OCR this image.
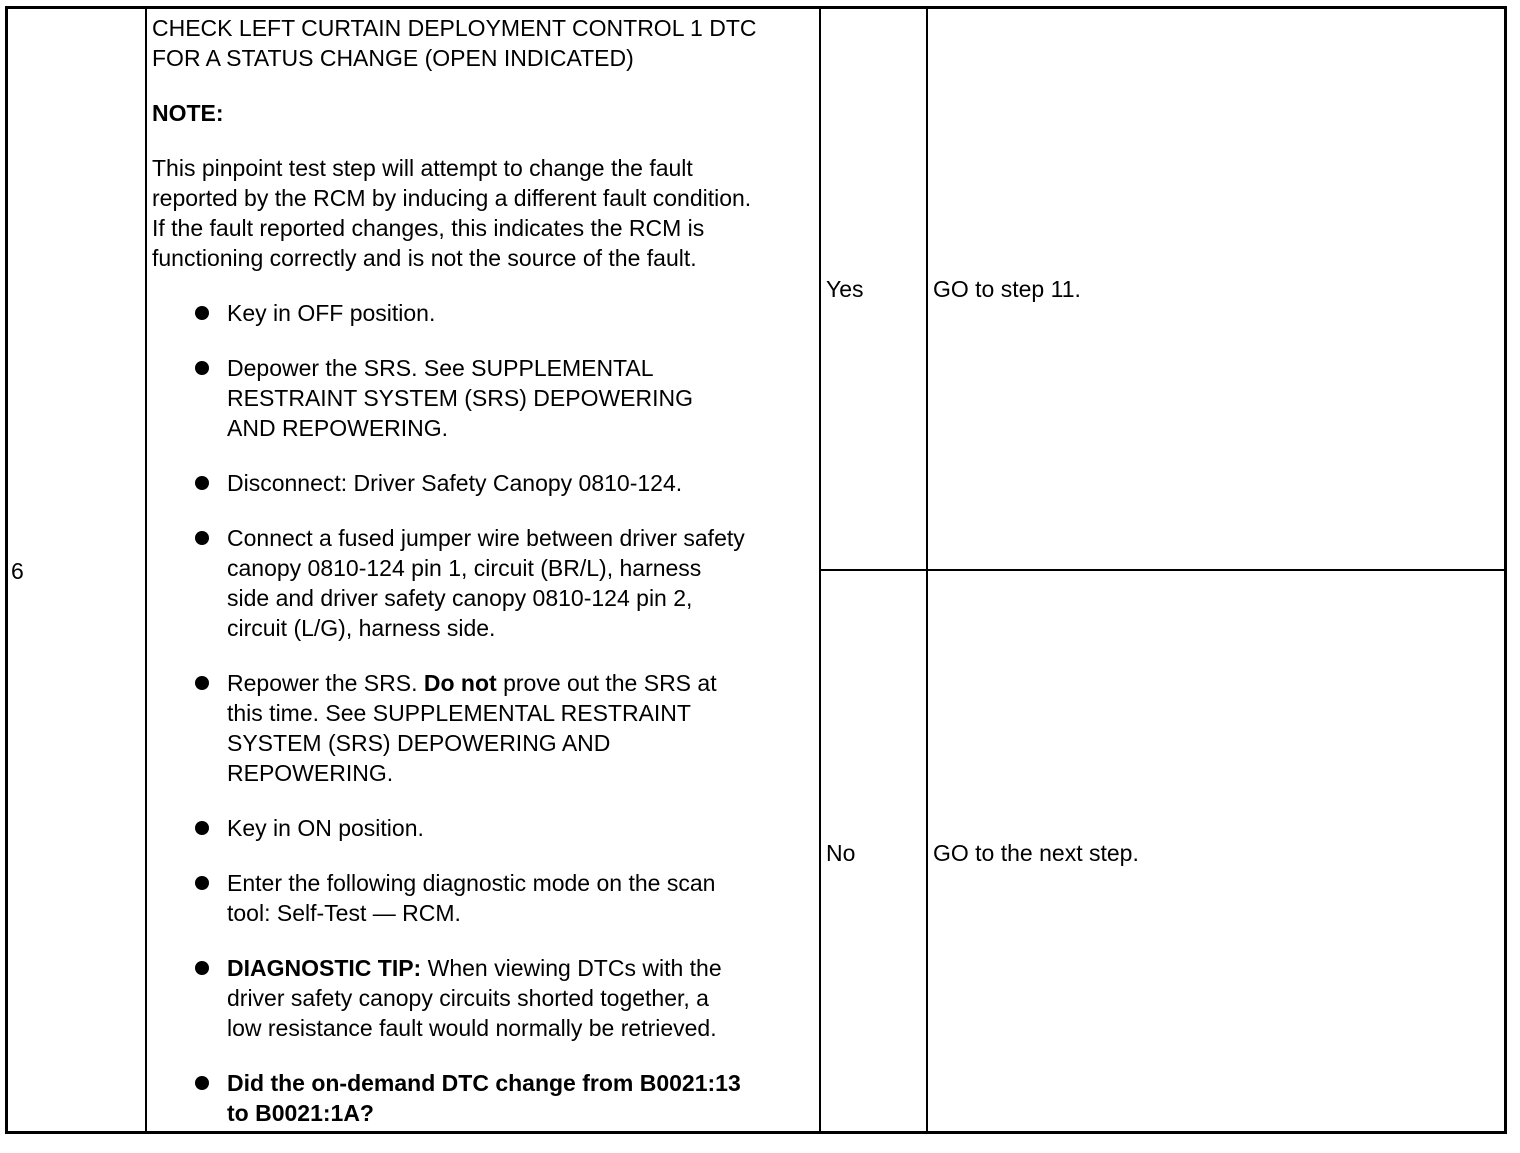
6
CHECK LEFT CURTAIN DEPLOYMENT CONTROL 1 DTC
FOR A STATUS CHANGE (OPEN INDICATED)
NOTE:
This pinpoint test step will attempt to change the fault
reported by the RCM by inducing a different fault condition.
If the fault reported changes, this indicates the RCM is
functioning correctly and is not the source of the fault.
Key in OFF position.
Depower the SRS. See SUPPLEMENTAL
RESTRAINT SYSTEM (SRS) DEPOWERING
AND REPOWERING.
Disconnect: Driver Safety Canopy 0810-124.
Connect a fused jumper wire between driver safety
canopy 0810-124 pin 1, circuit (BR/L), harness
side and driver safety canopy 0810-124 pin 2,
circuit (L/G), harness side.
Repower the SRS. Do not prove out the SRS at
this time. See SUPPLEMENTAL RESTRAINT
SYSTEM (SRS) DEPOWERING AND
REPOWERING.
Key in ON position.
Enter the following diagnostic mode on the scan
tool: Self-Test — RCM.
DIAGNOSTIC TIP: When viewing DTCs with the
driver safety canopy circuits shorted together, a
low resistance fault would normally be retrieved.
Did the on-demand DTC change from B0021:13
to B0021:1A?
Yes	GO to step 11.
No	GO to the next step.
